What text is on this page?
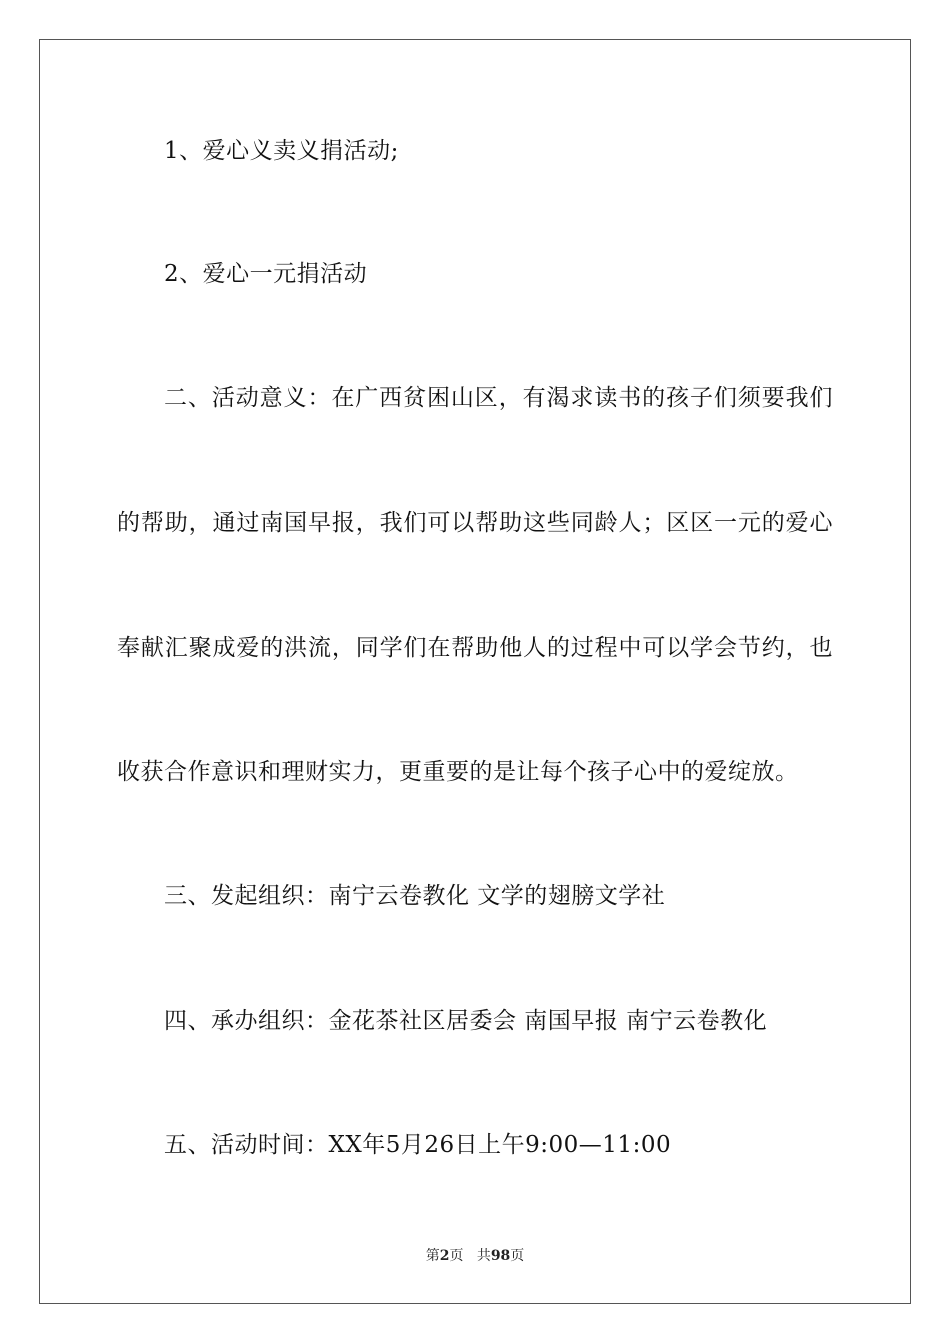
1、爱心义卖义捐活动;
2、爱心一元捐活动
二、活动意义：在广西贫困山区，有渴求读书的孩子们须要我们
的帮助，通过南国早报，我们可以帮助这些同龄人；区区一元的爱心
奉献汇聚成爱的洪流，同学们在帮助他人的过程中可以学会节约，也
收获合作意识和理财实力，更重要的是让每个孩子心中的爱绽放。
三、发起组织：南宁云卷教化 文学的翅膀文学社
四、承办组织：金花茶社区居委会 南国早报 南宁云卷教化
五、活动时间：XX年5月26日上午9:00—11:00
第2页 共98页
